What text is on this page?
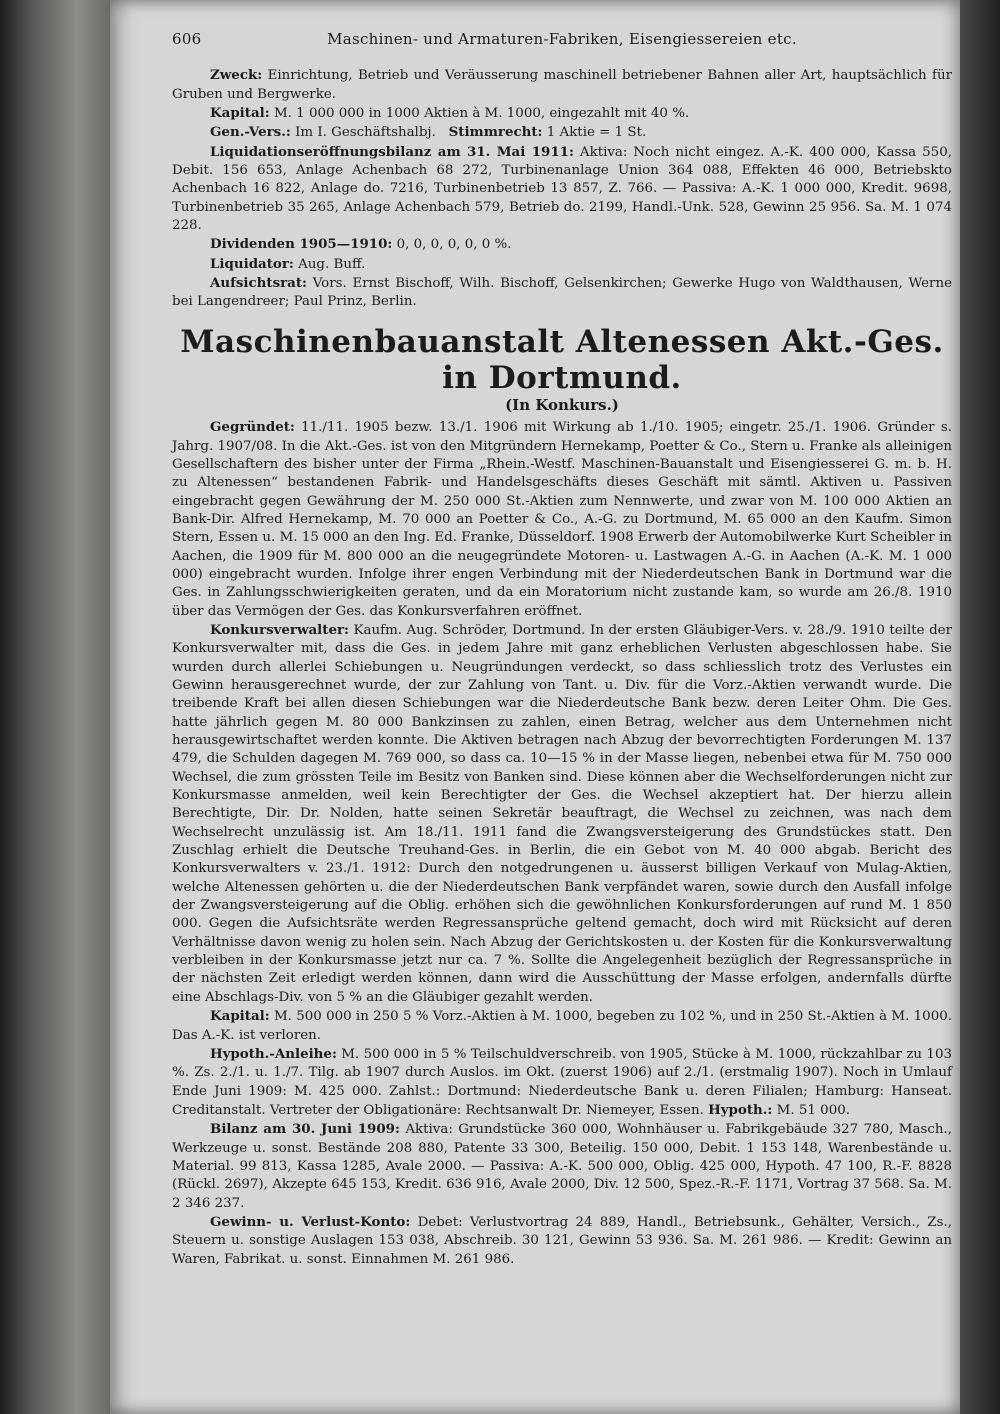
606	Maschinen- und Armaturen-Fabriken, Eisengiessereien etc.

Zweck: Einrichtung, Betrieb und Veräusserung maschinell betriebener Bahnen aller Art, hauptsächlich für Gruben und Bergwerke.

Kapital: M. 1 000 000 in 1000 Aktien à M. 1000, eingezahlt mit 40 %.

Gen.-Vers.: Im I. Geschäftshalbj. Stimmrecht: 1 Aktie = 1 St.

Liquidationseröffnungsbilanz am 31. Mai 1911: Aktiva: Noch nicht eingez. A.-K. 400 000, Kassa 550, Debit. 156 653, Anlage Achenbach 68 272, Turbinenanlage Union 364 088, Effekten 46 000, Betriebskto Achenbach 16 822, Anlage do. 7216, Turbinenbetrieb 13 857, Z. 766. — Passiva: A.-K. 1 000 000, Kredit. 9698, Turbinenbetrieb 35 265, Anlage Achenbach 579, Betrieb do. 2199, Handl.-Unk. 528, Gewinn 25 956. Sa. M. 1 074 228.

Dividenden 1905—1910: 0, 0, 0, 0, 0, 0 %.

Liquidator: Aug. Buff.

Aufsichtsrat: Vors. Ernst Bischoff, Wilh. Bischoff, Gelsenkirchen; Gewerke Hugo von Waldthausen, Werne bei Langendreer; Paul Prinz, Berlin.

Maschinenbauanstalt Altenessen Akt.-Ges. in Dortmund.
(In Konkurs.)

Gegründet: 11./11. 1905 bezw. 13./1. 1906 mit Wirkung ab 1./10. 1905; eingetr. 25./1. 1906. Gründer s. Jahrg. 1907/08. In die Akt.-Ges. ist von den Mitgründern Hernekamp, Poetter & Co., Stern u. Franke als alleinigen Gesellschaftern des bisher unter der Firma „Rhein.-Westf. Maschinen-Bauanstalt und Eisengiesserei G. m. b. H. zu Altenessen“ bestandenen Fabrik- und Handelsgeschäfts dieses Geschäft mit sämtl. Aktiven u. Passiven eingebracht gegen Gewährung der M. 250 000 St.-Aktien zum Nennwerte, und zwar von M. 100 000 Aktien an Bank-Dir. Alfred Hernekamp, M. 70 000 an Poetter & Co., A.-G. zu Dortmund, M. 65 000 an den Kaufm. Simon Stern, Essen u. M. 15 000 an den Ing. Ed. Franke, Düsseldorf. 1908 Erwerb der Automobilwerke Kurt Scheibler in Aachen, die 1909 für M. 800 000 an die neugegründete Motoren- u. Lastwagen A.-G. in Aachen (A.-K. M. 1 000 000) eingebracht wurden. Infolge ihrer engen Verbindung mit der Niederdeutschen Bank in Dortmund war die Ges. in Zahlungsschwierigkeiten geraten, und da ein Moratorium nicht zustande kam, so wurde am 26./8. 1910 über das Vermögen der Ges. das Konkursverfahren eröffnet.

Konkursverwalter: Kaufm. Aug. Schröder, Dortmund. In der ersten Gläubiger-Vers. v. 28./9. 1910 teilte der Konkursverwalter mit, dass die Ges. in jedem Jahre mit ganz erheblichen Verlusten abgeschlossen habe. Sie wurden durch allerlei Schiebungen u. Neugründungen verdeckt, so dass schliesslich trotz des Verlustes ein Gewinn herausgerechnet wurde, der zur Zahlung von Tant. u. Div. für die Vorz.-Aktien verwandt wurde. Die treibende Kraft bei allen diesen Schiebungen war die Niederdeutsche Bank bezw. deren Leiter Ohm. Die Ges. hatte jährlich gegen M. 80 000 Bankzinsen zu zahlen, einen Betrag, welcher aus dem Unternehmen nicht herausgewirtschaftet werden konnte. Die Aktiven betragen nach Abzug der bevorrechtigten Forderungen M. 137 479, die Schulden dagegen M. 769 000, so dass ca. 10—15 % in der Masse liegen, nebenbei etwa für M. 750 000 Wechsel, die zum grössten Teile im Besitz von Banken sind. Diese können aber die Wechselforderungen nicht zur Konkursmasse anmelden, weil kein Berechtigter der Ges. die Wechsel akzeptiert hat. Der hierzu allein Berechtigte, Dir. Dr. Nolden, hatte seinen Sekretär beauftragt, die Wechsel zu zeichnen, was nach dem Wechselrecht unzulässig ist. Am 18./11. 1911 fand die Zwangsversteigerung des Grundstückes statt. Den Zuschlag erhielt die Deutsche Treuhand-Ges. in Berlin, die ein Gebot von M. 40 000 abgab. Bericht des Konkursverwalters v. 23./1. 1912: Durch den notgedrungenen u. äusserst billigen Verkauf von Mulag-Aktien, welche Altenessen gehörten u. die der Niederdeutschen Bank verpfändet waren, sowie durch den Ausfall infolge der Zwangsversteigerung auf die Oblig. erhöhen sich die gewöhnlichen Konkursforderungen auf rund M. 1 850 000. Gegen die Aufsichtsräte werden Regressansprüche geltend gemacht, doch wird mit Rücksicht auf deren Verhältnisse davon wenig zu holen sein. Nach Abzug der Gerichtskosten u. der Kosten für die Konkursverwaltung verbleiben in der Konkursmasse jetzt nur ca. 7 %. Sollte die Angelegenheit bezüglich der Regressansprüche in der nächsten Zeit erledigt werden können, dann wird die Ausschüttung der Masse erfolgen, andernfalls dürfte eine Abschlags-Div. von 5 % an die Gläubiger gezahlt werden.

Kapital: M. 500 000 in 250 5 % Vorz.-Aktien à M. 1000, begeben zu 102 %, und in 250 St.-Aktien à M. 1000. Das A.-K. ist verloren.

Hypoth.-Anleihe: M. 500 000 in 5 % Teilschuldverschreib. von 1905, Stücke à M. 1000, rückzahlbar zu 103 %. Zs. 2./1. u. 1./7. Tilg. ab 1907 durch Auslos. im Okt. (zuerst 1906) auf 2./1. (erstmalig 1907). Noch in Umlauf Ende Juni 1909: M. 425 000. Zahlst.: Dortmund: Niederdeutsche Bank u. deren Filialen; Hamburg: Hanseat. Creditanstalt. Vertreter der Obligationäre: Rechtsanwalt Dr. Niemeyer, Essen. Hypoth.: M. 51 000.

Bilanz am 30. Juni 1909: Aktiva: Grundstücke 360 000, Wohnhäuser u. Fabrikgebäude 327 780, Masch., Werkzeuge u. sonst. Bestände 208 880, Patente 33 300, Beteilig. 150 000, Debit. 1 153 148, Warenbestände u. Material. 99 813, Kassa 1285, Avale 2000. — Passiva: A.-K. 500 000, Oblig. 425 000, Hypoth. 47 100, R.-F. 8828 (Rückl. 2697), Akzepte 645 153, Kredit. 636 916, Avale 2000, Div. 12 500, Spez.-R.-F. 1171, Vortrag 37 568. Sa. M. 2 346 237.

Gewinn- u. Verlust-Konto: Debet: Verlustvortrag 24 889, Handl., Betriebsunk., Gehälter, Versich., Zs., Steuern u. sonstige Auslagen 153 038, Abschreib. 30 121, Gewinn 53 936. Sa. M. 261 986. — Kredit: Gewinn an Waren, Fabrikat. u. sonst. Einnahmen M. 261 986.
